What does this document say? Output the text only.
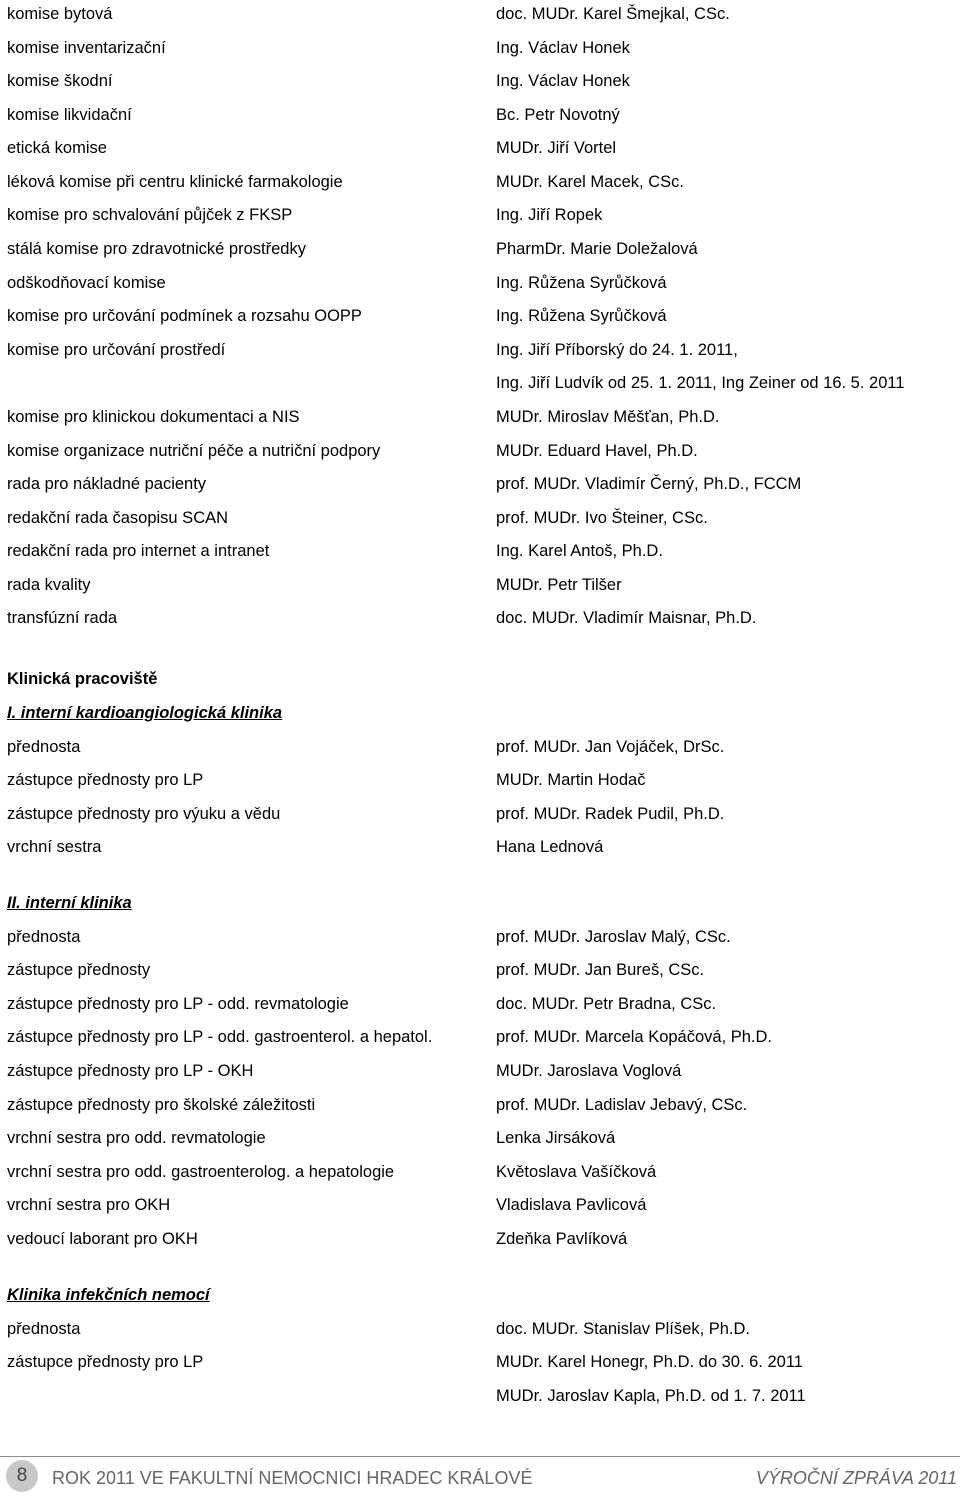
komise bytová	doc. MUDr. Karel Šmejkal, CSc.
komise inventarizační	Ing. Václav Honek
komise škodní	Ing. Václav Honek
komise likvidační	Bc. Petr Novotný
etická komise	MUDr. Jiří Vortel
léková komise při centru klinické farmakologie	MUDr. Karel Macek, CSc.
komise pro schvalování půjček z FKSP	Ing. Jiří Ropek
stálá komise pro zdravotnické prostředky	PharmDr. Marie Doležalová
odškodňovací komise	Ing. Růžena Syrůčková
komise pro určování podmínek a rozsahu OOPP	Ing. Růžena Syrůčková
komise pro určování prostředí	Ing. Jiří Příborský do 24. 1. 2011,
Ing. Jiří Ludvík od 25. 1. 2011, Ing Zeiner od 16. 5. 2011
komise pro klinickou dokumentaci a NIS	MUDr. Miroslav Měšťan, Ph.D.
komise organizace nutriční péče a nutriční podpory	MUDr. Eduard Havel, Ph.D.
rada pro nákladné pacienty	prof. MUDr. Vladimír Černý, Ph.D., FCCM
redakční rada časopisu SCAN	prof. MUDr. Ivo Šteiner, CSc.
redakční rada pro internet a intranet	Ing. Karel Antoš, Ph.D.
rada kvality	MUDr. Petr Tilšer
transfúzní rada	doc. MUDr. Vladimír Maisnar, Ph.D.
Klinická pracoviště
I. interní kardioangiologická klinika
přednosta	prof. MUDr. Jan Vojáček, DrSc.
zástupce přednosty pro LP	MUDr. Martin Hodač
zástupce přednosty pro výuku a vědu	prof. MUDr. Radek Pudil, Ph.D.
vrchní sestra	Hana Lednová
II. interní klinika
přednosta	prof. MUDr. Jaroslav Malý, CSc.
zástupce přednosty	prof. MUDr. Jan Bureš, CSc.
zástupce přednosty pro LP - odd. revmatologie	doc. MUDr. Petr Bradna, CSc.
zástupce přednosty pro LP - odd. gastroenterol. a hepatol.	prof. MUDr. Marcela Kopáčová, Ph.D.
zástupce přednosty pro LP - OKH	MUDr. Jaroslava Voglová
zástupce přednosty pro školské záležitosti	prof. MUDr. Ladislav Jebavý, CSc.
vrchní sestra pro odd. revmatologie	Lenka Jirsáková
vrchní sestra pro odd. gastroenterolog. a hepatologie	Květoslava Vašíčková
vrchní sestra pro OKH	Vladislava Pavlicová
vedoucí laborant pro OKH	Zdeňka Pavlíková
Klinika infekčních nemocí
přednosta	doc. MUDr. Stanislav Plíšek, Ph.D.
zástupce přednosty pro LP	MUDr. Karel Honegr, Ph.D. do 30. 6. 2011
MUDr. Jaroslav Kapla, Ph.D. od 1. 7. 2011
8	ROK 2011 VE FAKULTNÍ NEMOCNICI HRADEC KRÁLOVÉ	VÝROČNÍ ZPRÁVA 2011
